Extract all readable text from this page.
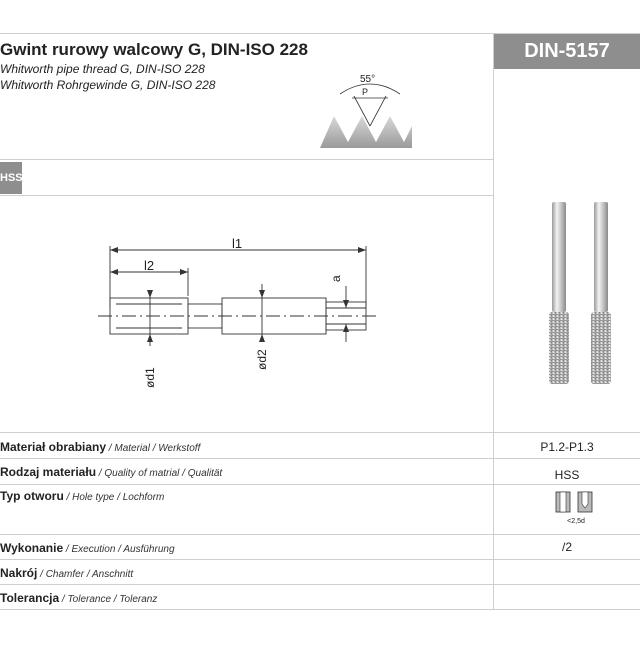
Gwint rurowy walcowy G, DIN-ISO 228
Whitworth pipe thread G, DIN-ISO 228
Whitworth Rohrgewinde G, DIN-ISO 228
DIN-5157
55°
P
HSS
l1
l2
a
ød1
ød2
Materiał obrabiany / Material / Werkstoff	P1.2-P1.3
Rodzaj materiału / Quality of matrial / Qualität	HSS
Typ otworu / Hole type / Lochform
<2,5d
Wykonanie / Execution / Ausführung	/2
Nakrój / Chamfer / Anschnitt
Tolerancja / Tolerance / Toleranz
